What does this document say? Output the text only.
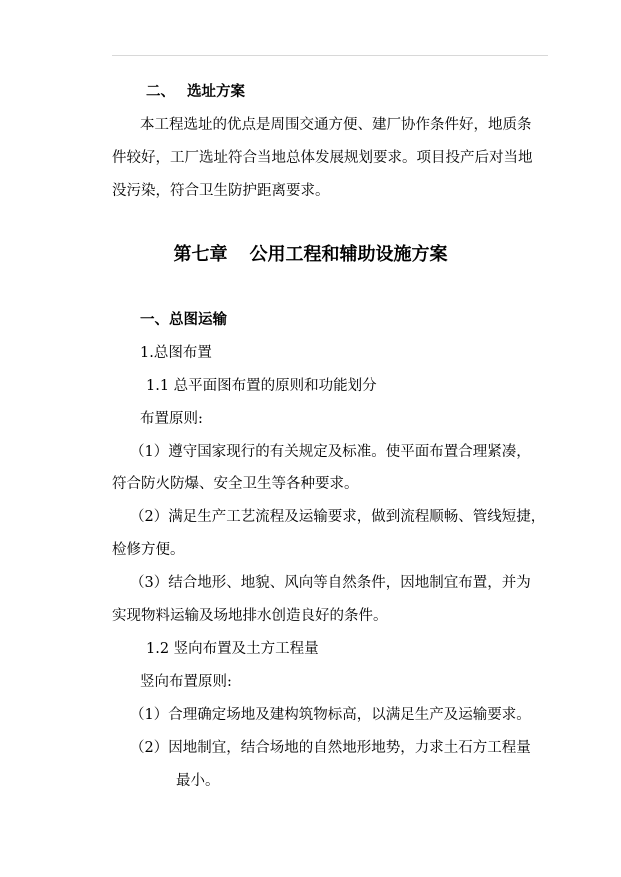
二、 选址方案
本工程选址的优点是周围交通方便、建厂协作条件好，地质条
件较好，工厂选址符合当地总体发展规划要求。项目投产后对当地
没污染，符合卫生防护距离要求。
第七章 公用工程和辅助设施方案
一、总图运输
1.总图布置
1.1 总平面图布置的原则和功能划分
布置原则:
（1）遵守国家现行的有关规定及标准。使平面布置合理紧凑，
符合防火防爆、安全卫生等各种要求。
（2）满足生产工艺流程及运输要求，做到流程顺畅、管线短捷，
检修方便。
（3）结合地形、地貌、风向等自然条件，因地制宜布置，并为
实现物料运输及场地排水创造良好的条件。
1.2 竖向布置及土方工程量
竖向布置原则:
（1）合理确定场地及建构筑物标高，以满足生产及运输要求。
（2）因地制宜，结合场地的自然地形地势，力求土石方工程量
最小。
